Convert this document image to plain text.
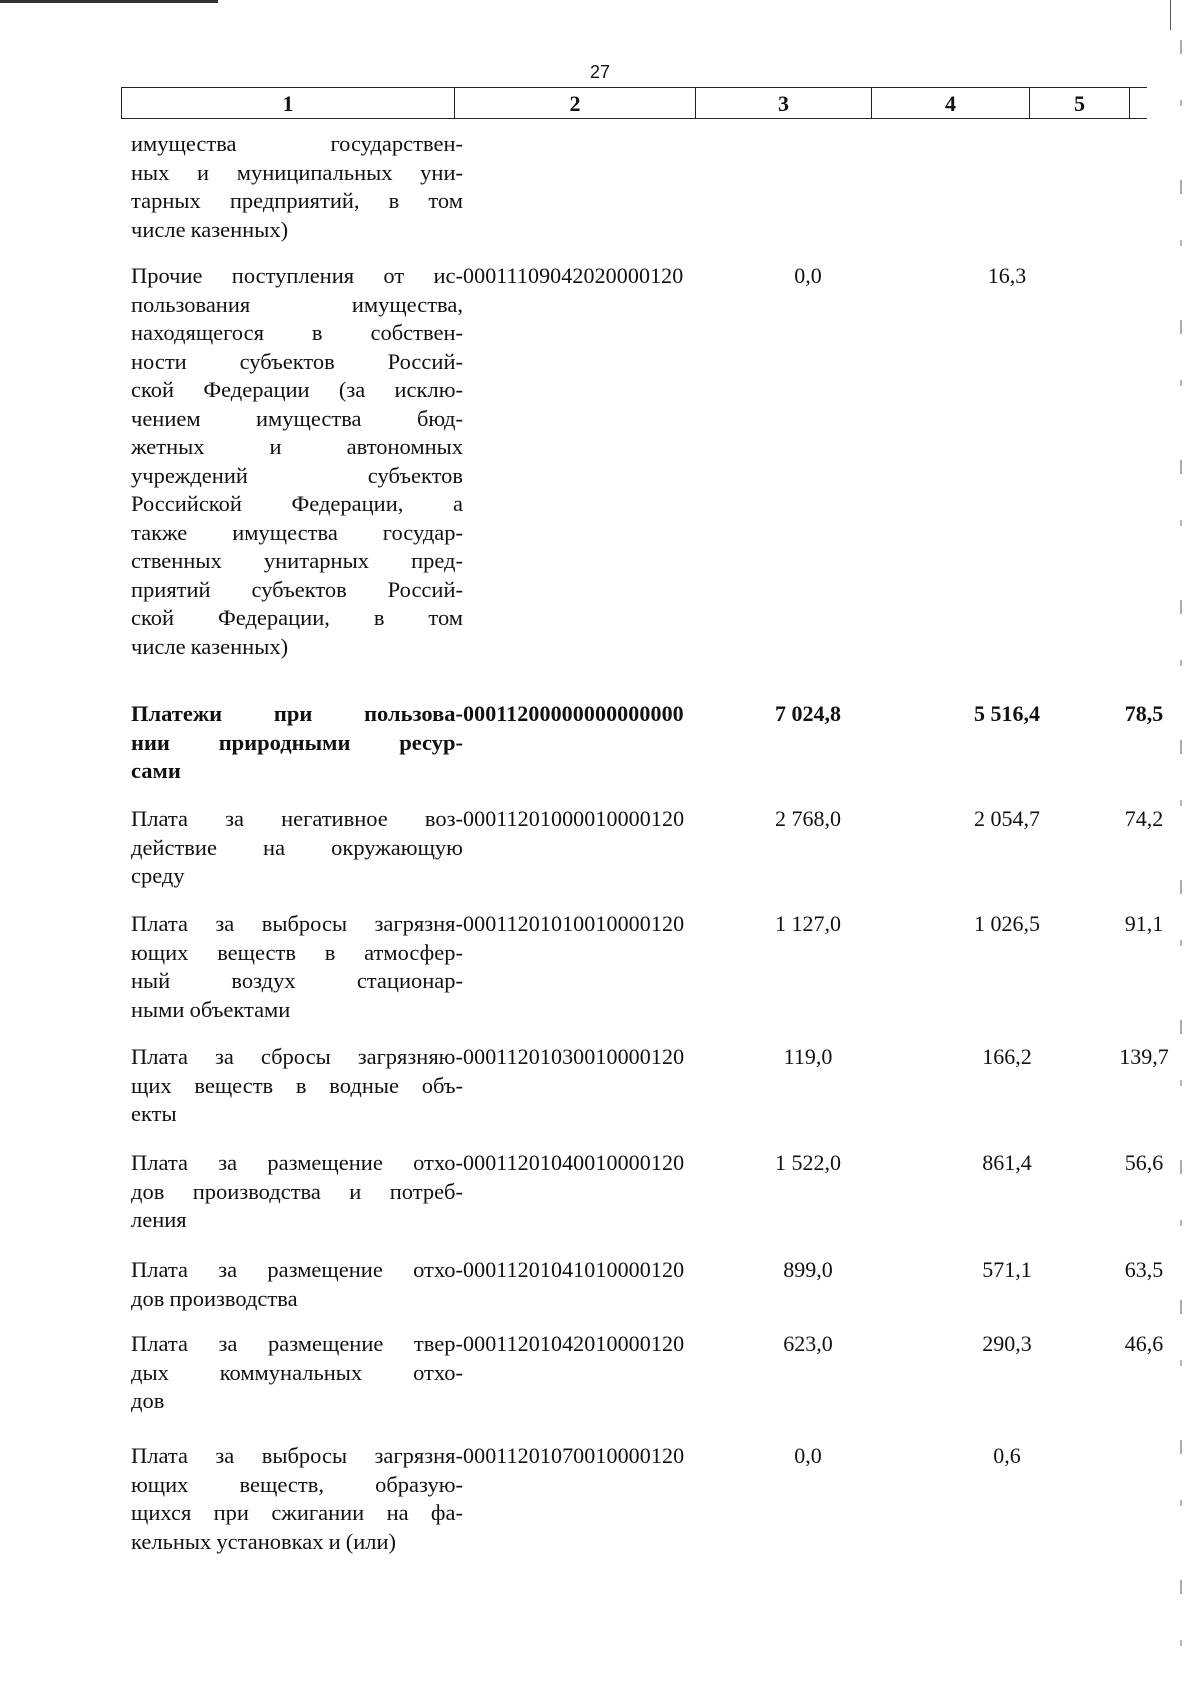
27
1	2	3	4	5
имущества государствен-
ных и муниципальных уни-
тарных предприятий, в том
числе казенных)
Прочие поступления от ис-
пользования имущества,
находящегося в собствен-
ности субъектов Россий-
ской Федерации (за исклю-
чением имущества бюд-
жетных и автономных
учреждений субъектов
Российской Федерации, а
также имущества государ-
ственных унитарных пред-
приятий субъектов Россий-
ской Федерации, в том
числе казенных)
00011109042020000120	0,0	16,3
Платежи при пользова-
нии природными ресур-
сами
00011200000000000000	7 024,8	5 516,4	78,5
Плата за негативное воз-
действие на окружающую
среду
00011201000010000120	2 768,0	2 054,7	74,2
Плата за выбросы загрязня-
ющих веществ в атмосфер-
ный воздух стационар-
ными объектами
00011201010010000120	1 127,0	1 026,5	91,1
Плата за сбросы загрязняю-
щих веществ в водные объ-
екты
00011201030010000120	119,0	166,2	139,7
Плата за размещение отхо-
дов производства и потреб-
ления
00011201040010000120	1 522,0	861,4	56,6
Плата за размещение отхо-
дов производства
00011201041010000120	899,0	571,1	63,5
Плата за размещение твер-
дых коммунальных отхо-
дов
00011201042010000120	623,0	290,3	46,6
Плата за выбросы загрязня-
ющих веществ, образую-
щихся при сжигании на фа-
кельных установках и (или)
00011201070010000120	0,0	0,6
